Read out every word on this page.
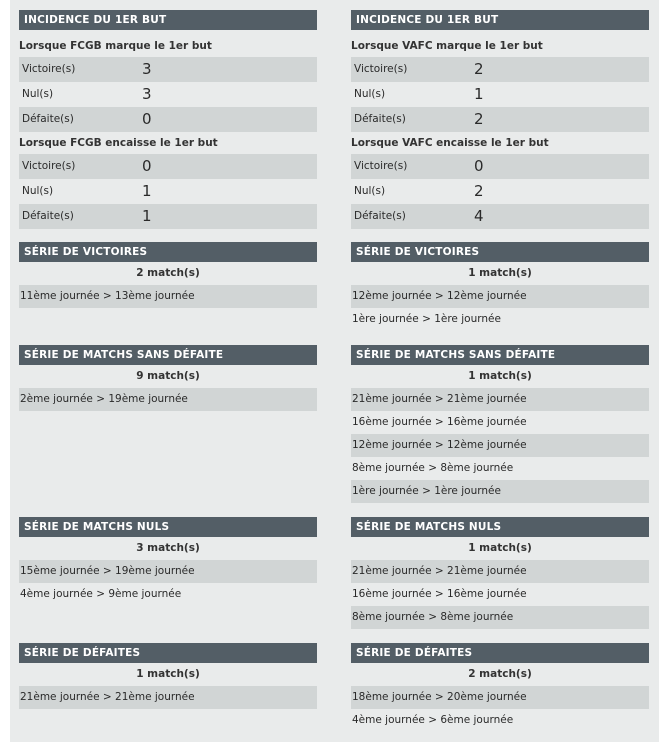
INCIDENCE DU 1ER BUT
Lorsque FCGB marque le 1er but
Victoire(s)	3
Nul(s)	3
Défaite(s)	0
Lorsque FCGB encaisse le 1er but
Victoire(s)	0
Nul(s)	1
Défaite(s)	1
SÉRIE DE VICTOIRES
2 match(s)
11ème journée > 13ème journée
SÉRIE DE MATCHS SANS DÉFAITE
9 match(s)
2ème journée > 19ème journée
SÉRIE DE MATCHS NULS
3 match(s)
15ème journée > 19ème journée
4ème journée > 9ème journée
SÉRIE DE DÉFAITES
1 match(s)
21ème journée > 21ème journée
INCIDENCE DU 1ER BUT
Lorsque VAFC marque le 1er but
Victoire(s)	2
Nul(s)	1
Défaite(s)	2
Lorsque VAFC encaisse le 1er but
Victoire(s)	0
Nul(s)	2
Défaite(s)	4
SÉRIE DE VICTOIRES
1 match(s)
12ème journée > 12ème journée
1ère journée > 1ère journée
SÉRIE DE MATCHS SANS DÉFAITE
1 match(s)
21ème journée > 21ème journée
16ème journée > 16ème journée
12ème journée > 12ème journée
8ème journée > 8ème journée
1ère journée > 1ère journée
SÉRIE DE MATCHS NULS
1 match(s)
21ème journée > 21ème journée
16ème journée > 16ème journée
8ème journée > 8ème journée
SÉRIE DE DÉFAITES
2 match(s)
18ème journée > 20ème journée
4ème journée > 6ème journée
